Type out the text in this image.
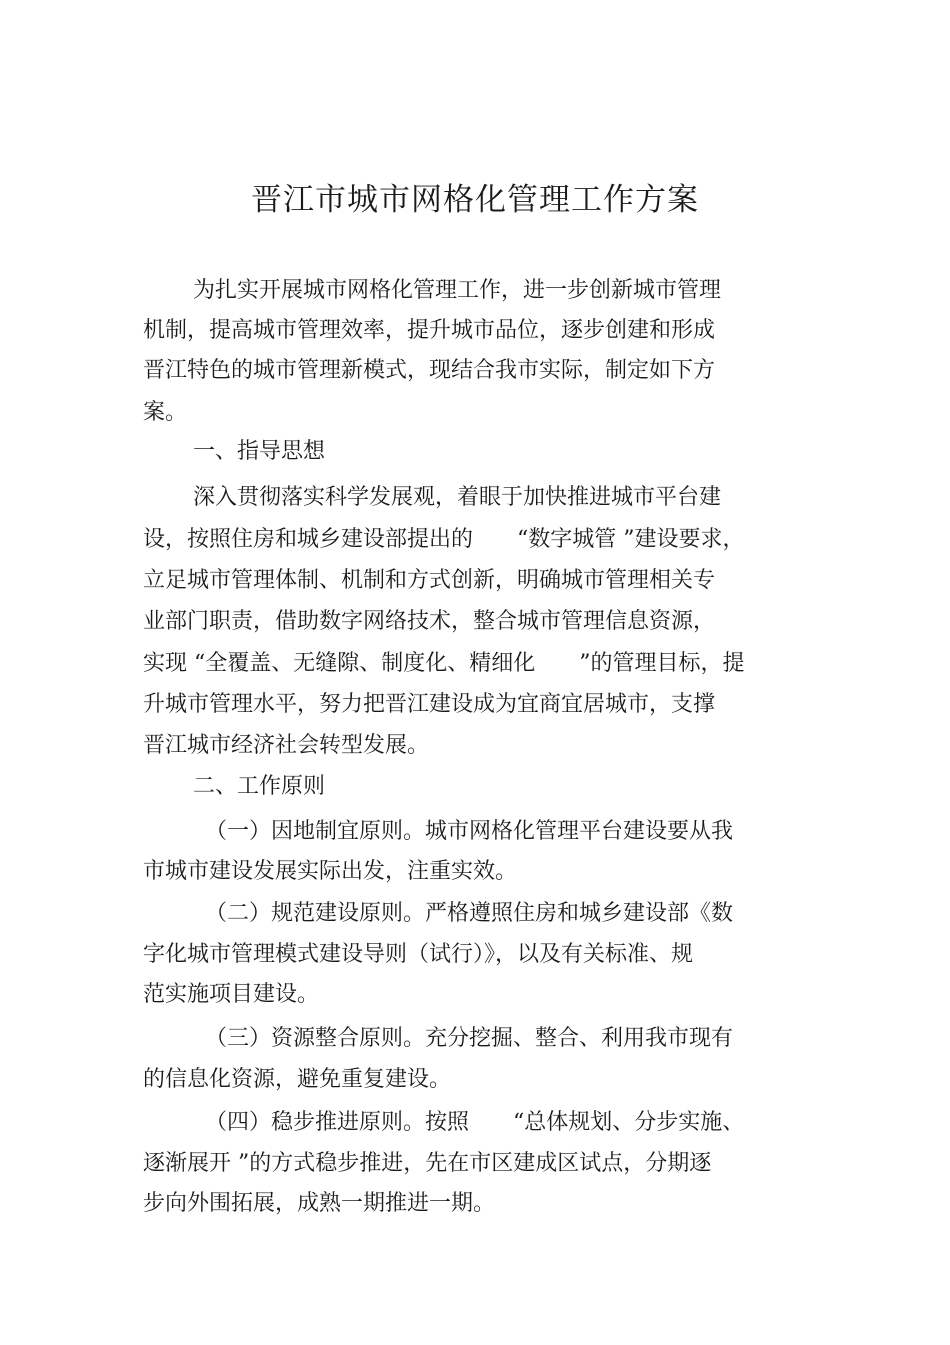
晋江市城市网格化管理工作方案
为扎实开展城市网格化管理工作，进一步创新城市管理
机制，提高城市管理效率，提升城市品位，逐步创建和形成
晋江特色的城市管理新模式，现结合我市实际，制定如下方
案。
一、指导思想
深入贯彻落实科学发展观，着眼于加快推进城市平台建
设，按照住房和城乡建设部提出的　　“数字城管 ”建设要求，
立足城市管理体制、机制和方式创新，明确城市管理相关专
业部门职责，借助数字网络技术，整合城市管理信息资源，
实现 “全覆盖、无缝隙、制度化、精细化　　”的管理目标，提
升城市管理水平，努力把晋江建设成为宜商宜居城市，支撑
晋江城市经济社会转型发展。
二、工作原则
（一）因地制宜原则。城市网格化管理平台建设要从我
市城市建设发展实际出发，注重实效。
（二）规范建设原则。严格遵照住房和城乡建设部《数
字化城市管理模式建设导则（试行）》，以及有关标准、规
范实施项目建设。
（三）资源整合原则。充分挖掘、整合、利用我市现有
的信息化资源，避免重复建设。
（四）稳步推进原则。按照　　“总体规划、分步实施、
逐渐展开 ”的方式稳步推进，先在市区建成区试点，分期逐
步向外围拓展，成熟一期推进一期。
